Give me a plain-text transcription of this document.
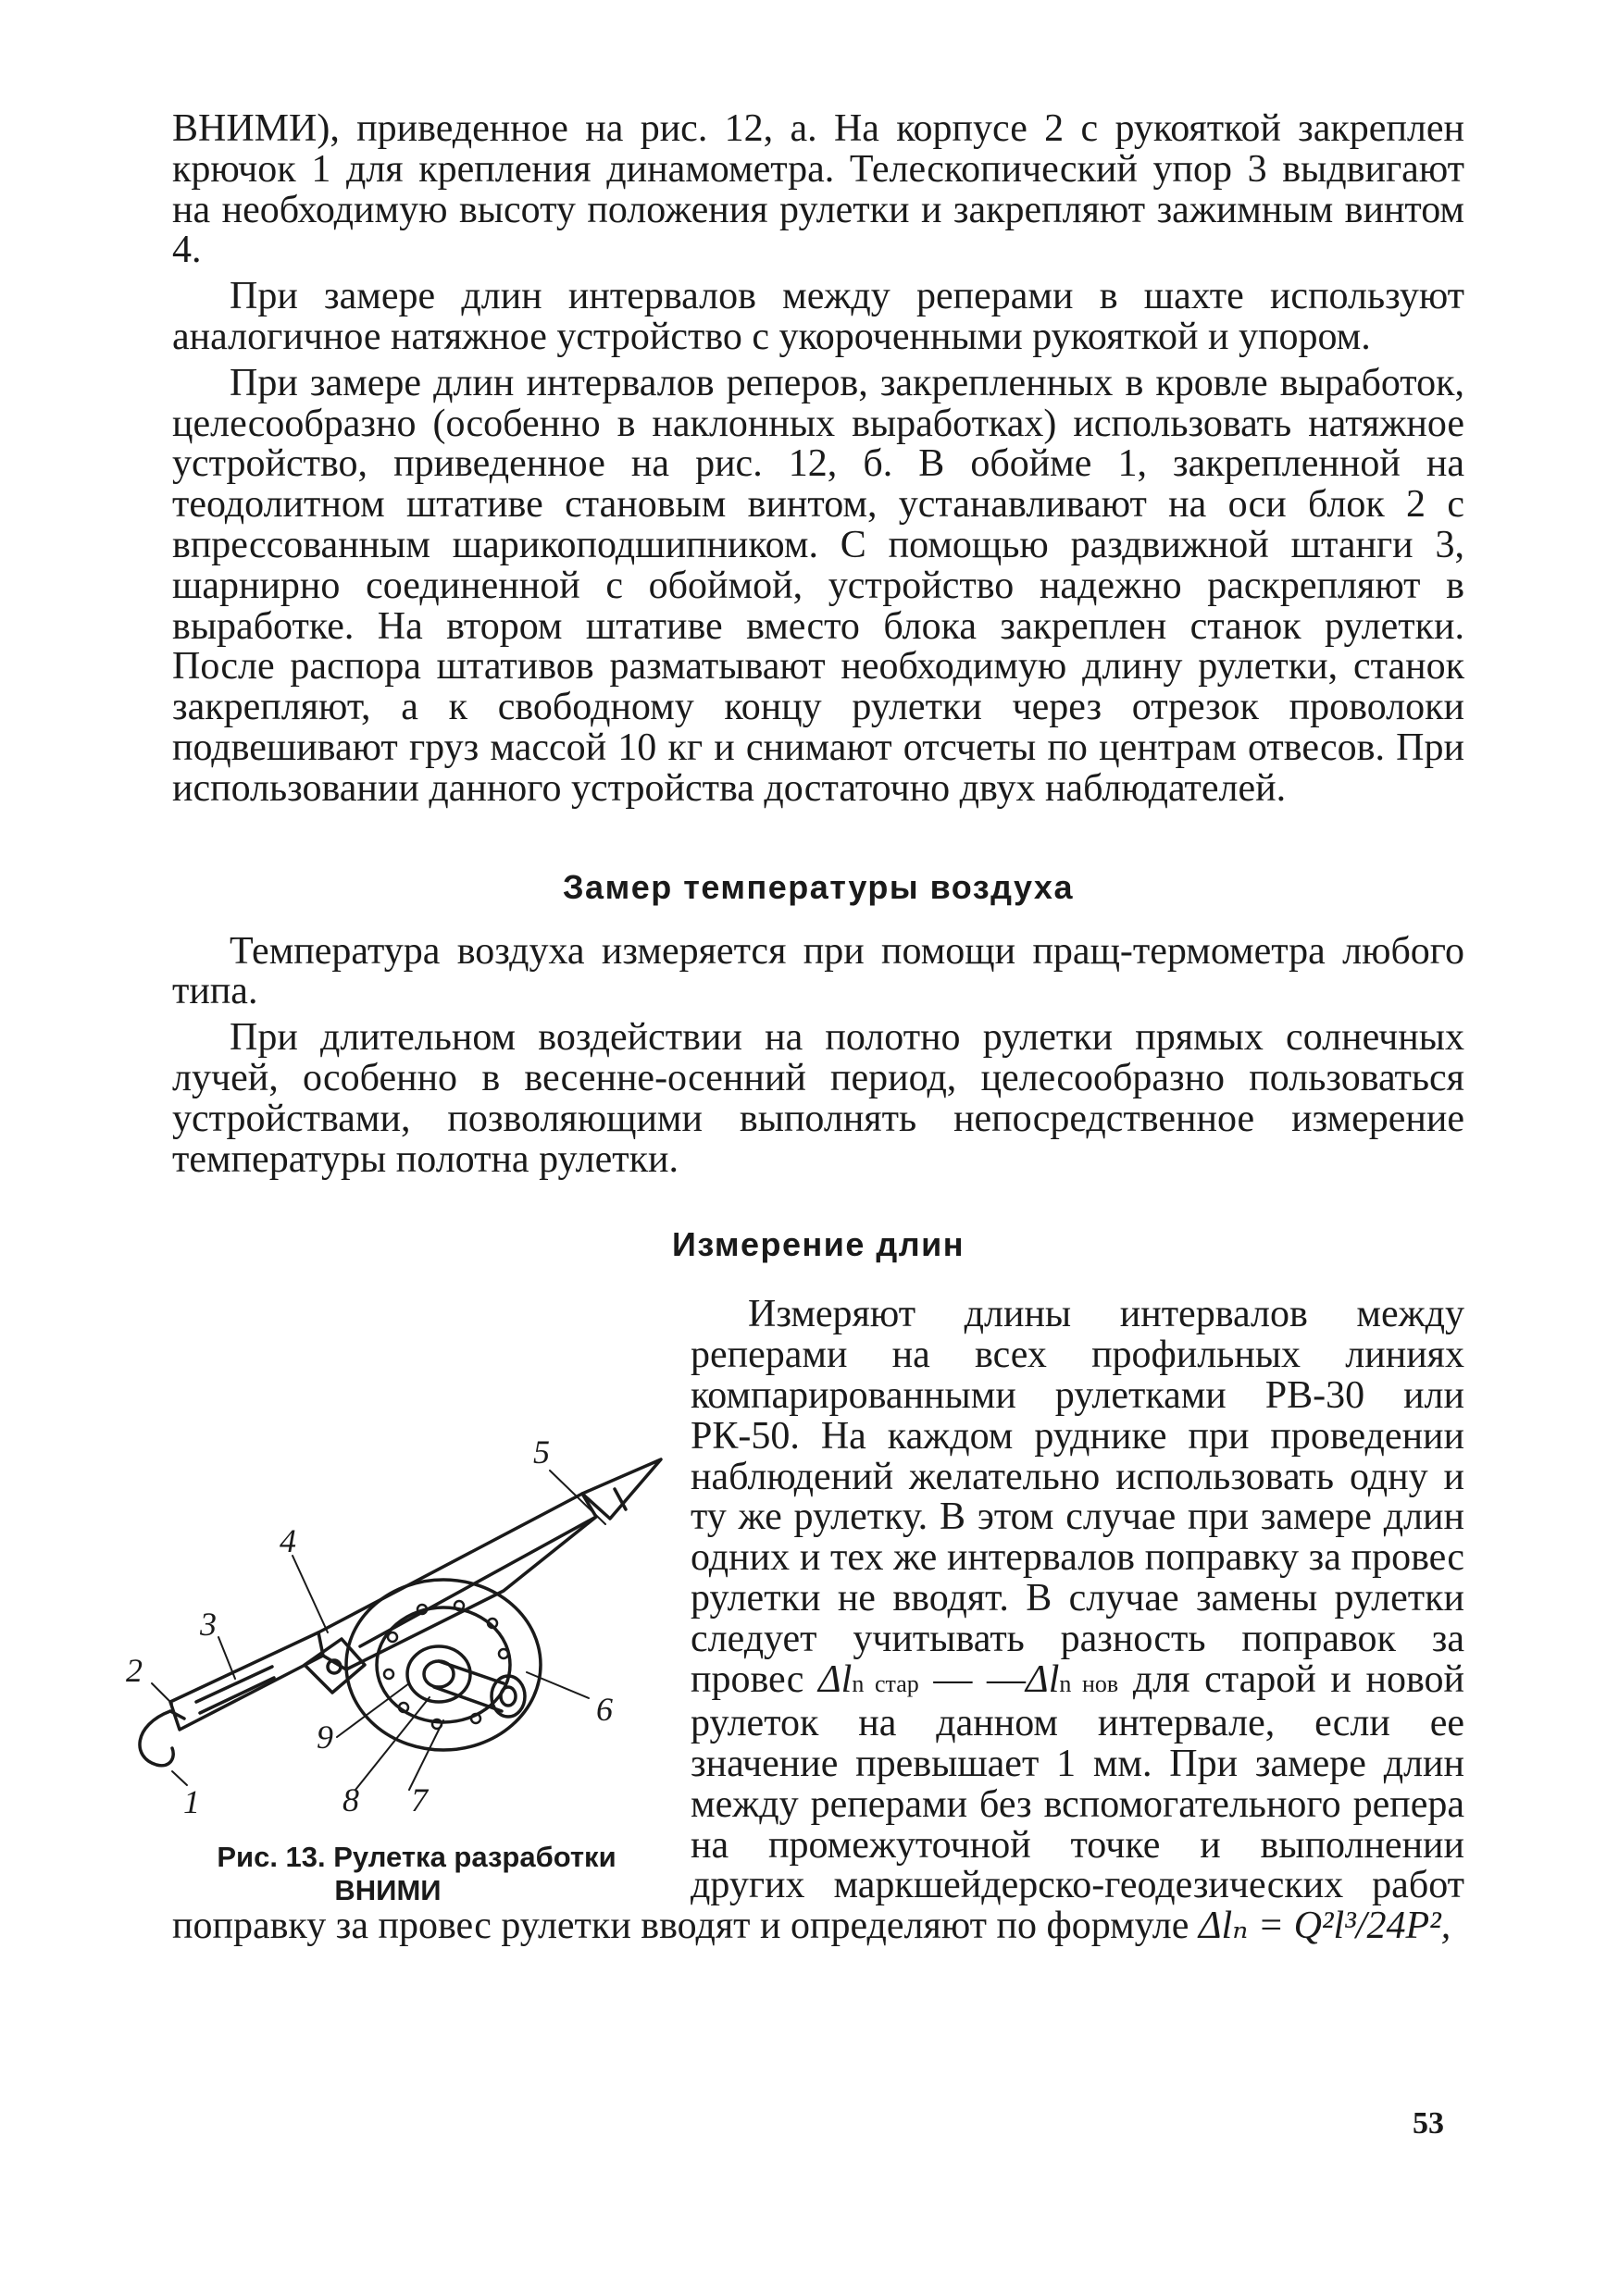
ВНИМИ), приведенное на рис. 12, а. На корпусе 2 с рукояткой закреплен крючок 1 для крепления динамометра. Телескопический упор 3 выдвигают на необходимую высоту положения рулетки и закрепляют зажимным винтом 4.

При замере длин интервалов между реперами в шахте используют аналогичное натяжное устройство с укороченными рукояткой и упором.

При замере длин интервалов реперов, закрепленных в кровле выработок, целесообразно (особенно в наклонных выработках) использовать натяжное устройство, приведенное на рис. 12, б. В обойме 1, закрепленной на теодолитном штативе становым винтом, устанавливают на оси блок 2 с впрессованным шарикоподшипником. С помощью раздвижной штанги 3, шарнирно соединенной с обоймой, устройство надежно раскрепляют в выработке. На втором штативе вместо блока закреплен станок рулетки. После распора штативов разматывают необходимую длину рулетки, станок закрепляют, а к свободному концу рулетки через отрезок проволоки подвешивают груз массой 10 кг и снимают отсчеты по центрам отвесов. При использовании данного устройства достаточно двух наблюдателей.

Замер температуры воздуха

Температура воздуха измеряется при помощи пращ-термометра любого типа.

При длительном воздействии на полотно рулетки прямых солнечных лучей, особенно в весенне-осенний период, целесообразно пользоваться устройствами, позволяющими выполнять непосредственное измерение температуры полотна рулетки.

Измерение длин

1
2
3
4
5
6
7
8
9
Рис. 13. Рулетка разработки
ВНИМИ
Измеряют длины интервалов между реперами на всех профильных линиях компарированными рулетками РВ-30 или РК-50. На каждом руднике при проведении наблюдений желательно использовать одну и ту же рулетку. В этом случае при замере длин одних и тех же интервалов поправку за провес рулетки не вводят. В случае замены рулетки следует учитывать разность поправок за провес Δln стар — —Δln нов для старой и новой рулеток на данном интервале, если ее значение превышает 1 мм. При замере длин между реперами без вспомогательного репера на промежуточной точке и выполнении других маркшейдерско-геодезических работ поправку за провес рулетки вводят и определяют по формуле Δlₙ = Q²l³/24P²,

53
